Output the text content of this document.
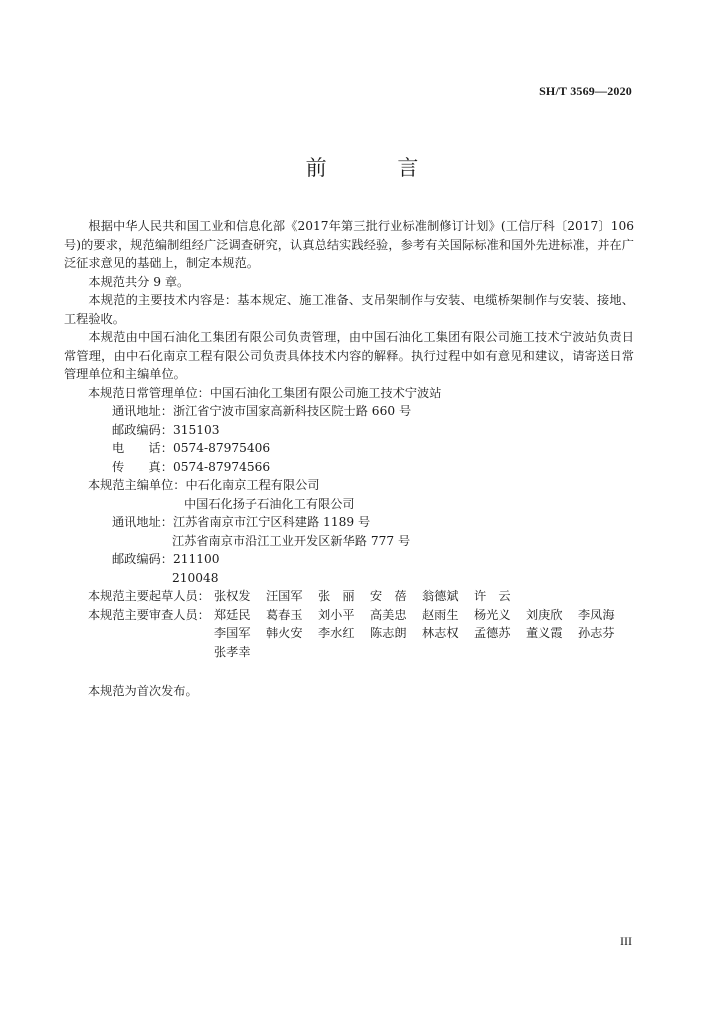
SH/T 3569—2020
前 言

根据中华人民共和国工业和信息化部《2017年第三批行业标准制修订计划》(工信厅科〔2017〕106号)的要求，规范编制组经广泛调查研究，认真总结实践经验，参考有关国际标准和国外先进标准，并在广泛征求意见的基础上，制定本规范。

本规范共分 9 章。

本规范的主要技术内容是：基本规定、施工准备、支吊架制作与安装、电缆桥架制作与安装、接地、工程验收。

本规范由中国石油化工集团有限公司负责管理，由中国石油化工集团有限公司施工技术宁波站负责日常管理，由中石化南京工程有限公司负责具体技术内容的解释。执行过程中如有意见和建议，请寄送日常管理单位和主编单位。

本规范日常管理单位： 中国石油化工集团有限公司施工技术宁波站
通讯地址： 浙江省宁波市国家高新科技区院士路 660 号
邮政编码： 315103
电　　话： 0574-87975406
传　　真： 0574-87974566
本规范主编单位： 中石化南京工程有限公司
中国石化扬子石油化工有限公司
通讯地址： 江苏省南京市江宁区科建路 1189 号
江苏省南京市沿江工业开发区新华路 777 号
邮政编码： 211100
210048
本规范主要起草人员： 张权发	汪国军	张　丽	安　蓓	翁德斌	许　云
本规范主要审查人员： 郑廷民	葛春玉	刘小平	高美忠	赵雨生	杨光义	刘庚欣	李凤海
李国军	韩火安	李水红	陈志朗	林志权	孟德苏	董义霞	孙志芬
张孝幸
本规范为首次发布。
III
